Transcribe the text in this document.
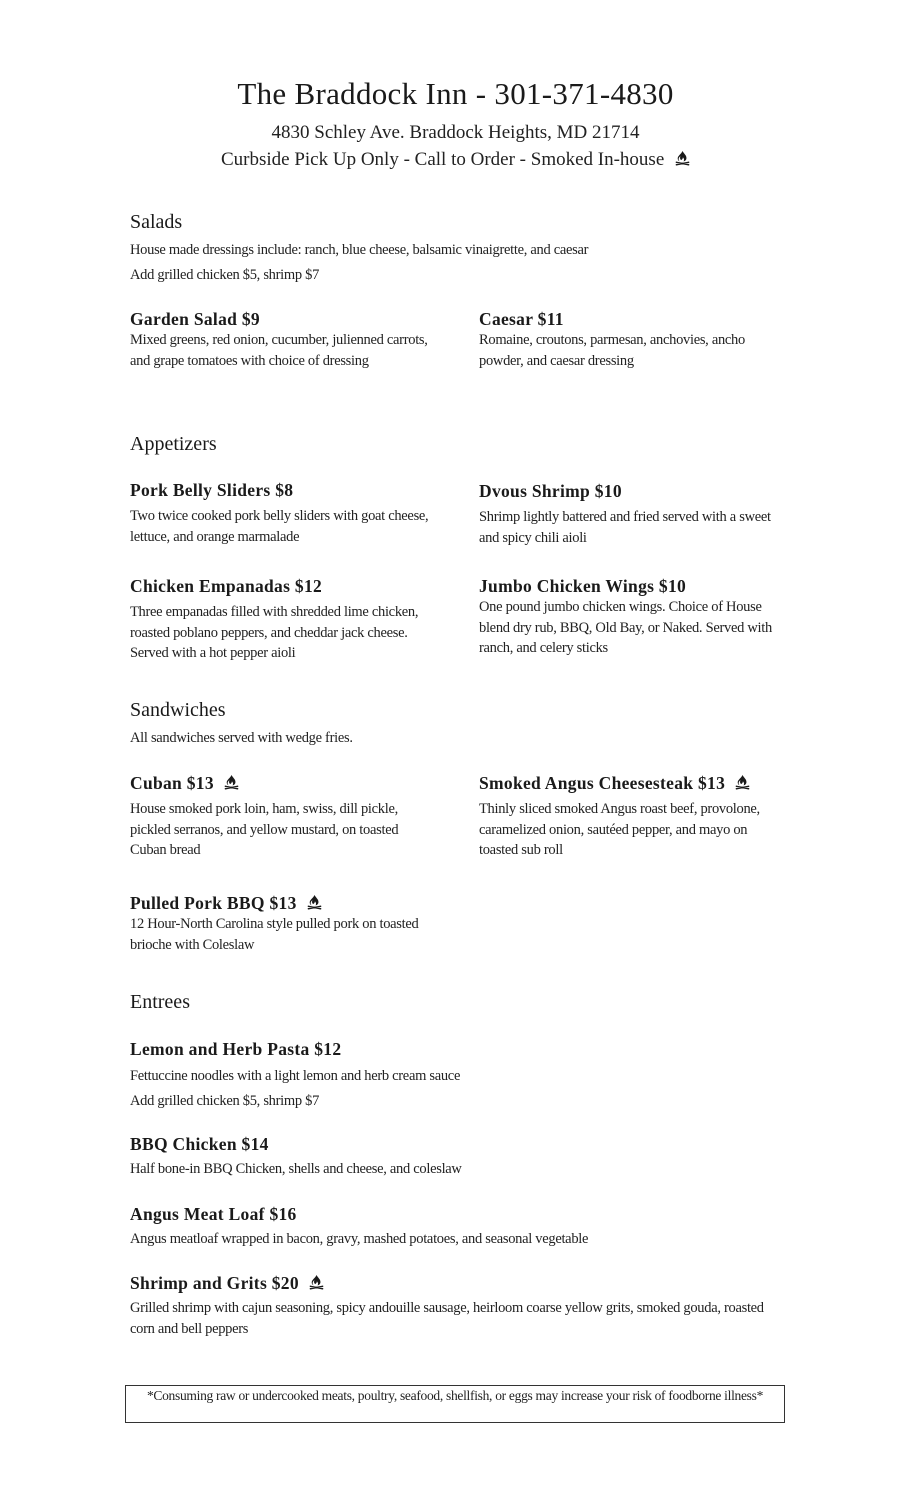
The Braddock Inn - 301-371-4830
4830 Schley Ave. Braddock Heights, MD 21714
Curbside Pick Up Only - Call to Order - Smoked In-house
Salads
House made dressings include: ranch, blue cheese, balsamic vinaigrette, and caesar
Add grilled chicken $5, shrimp $7
Garden Salad $9
Mixed greens, red onion, cucumber, julienned carrots, and grape tomatoes with choice of dressing
Caesar $11
Romaine, croutons, parmesan, anchovies, ancho powder, and caesar dressing
Appetizers
Pork Belly Sliders $8
Two twice cooked pork belly sliders with goat cheese, lettuce, and orange marmalade
Dvous Shrimp $10
Shrimp lightly battered and fried served with a sweet and spicy chili aioli
Chicken Empanadas $12
Three empanadas filled with shredded lime chicken, roasted poblano peppers, and cheddar jack cheese. Served with a hot pepper aioli
Jumbo Chicken Wings $10
One pound jumbo chicken wings. Choice of House blend dry rub, BBQ, Old Bay, or Naked. Served with ranch, and celery sticks
Sandwiches
All sandwiches served with wedge fries.
Cuban $13
House smoked pork loin, ham, swiss, dill pickle, pickled serranos, and yellow mustard, on toasted Cuban bread
Smoked Angus Cheesesteak $13
Thinly sliced smoked Angus roast beef, provolone, caramelized onion, sautéed pepper, and mayo on toasted sub roll
Pulled Pork BBQ $13
12 Hour-North Carolina style pulled pork on toasted brioche with Coleslaw
Entrees
Lemon and Herb Pasta $12
Fettuccine noodles with a light lemon and herb cream sauce
Add grilled chicken $5, shrimp $7
BBQ Chicken $14
Half bone-in BBQ Chicken, shells and cheese, and coleslaw
Angus Meat Loaf $16
Angus meatloaf wrapped in bacon, gravy, mashed potatoes, and seasonal vegetable
Shrimp and Grits $20
Grilled shrimp with cajun seasoning, spicy andouille sausage, heirloom coarse yellow grits, smoked gouda, roasted corn and bell peppers
*Consuming raw or undercooked meats, poultry, seafood, shellfish, or eggs may increase your risk of foodborne illness*
